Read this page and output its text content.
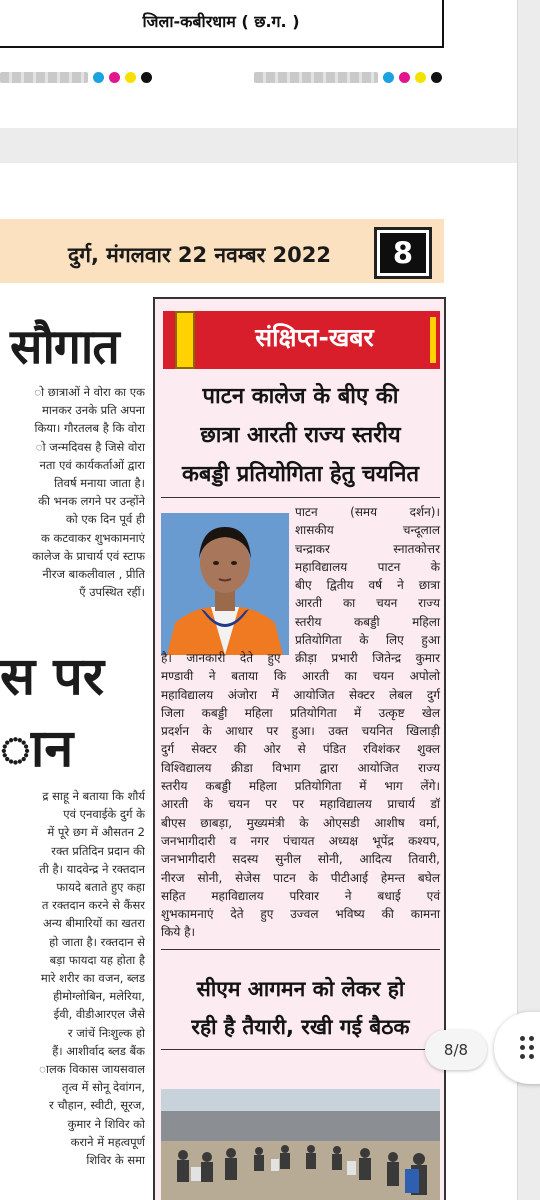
जिला-कबीरधाम ( छ.ग. )
दुर्ग, मंगलवार 22 नवम्बर 2022	8
सौगात
ो छात्राओं ने वोरा का एक
मानकर उनके प्रति अपना
किया। गौरतलब है कि वोरा
ो जन्मदिवस है जिसे वोरा
नता एवं कार्यकर्ताओं द्वारा
तिवर्ष मनाया जाता है।
की भनक लगने पर उन्होंने
को एक दिन पूर्व ही
क कटवाकर शुभकामनाएं
कालेज के प्राचार्य एवं स्टाफ
नीरज बाकलीवाल , प्रीति
एँ उपस्थित रहीं।
स पर
ान
द्र साहू ने बताया कि शौर्य
एवं एनवाईके दुर्ग के
में पूरे छग में औसतन 2
रक्त प्रतिदिन प्रदान की
ती है। यादवेन्द्र ने रक्तदान
फायदे बताते हुए कहा
त रक्तदान करने से कैंसर
अन्य बीमारियों का खतरा
हो जाता है। रक्तदान से
बड़ा फायदा यह होता है
मारे शरीर का वजन, ब्लड
हीमोग्लोबिन, मलेरिया,
ईवी, वीडीआरएल जैसे
र जांचें निःशुल्क हो
हैं। आशीर्वाद ब्लड बैंक
ालक विकास जायसवाल
तृत्व में सोनू देवांगन,
र चौहान, स्वीटी, सूरज,
कुमार ने शिविर को
कराने में महत्वपूर्ण
शिविर के समा
संक्षिप्त-खबर
पाटन कालेज के बीए की
छात्रा आरती राज्य स्तरीय
कबड्डी प्रतियोगिता हेतु चयनित
पाटन (समय दर्शन)।
शासकीय चन्दूलाल
चन्द्राकर स्नातकोत्तर
महाविद्यालय पाटन के
बीए द्वितीय वर्ष ने छात्रा
आरती का चयन राज्य
स्तरीय कबड्डी महिला
प्रतियोगिता के लिए हुआ
है। जानकारी देते हुए क्रीड़ा प्रभारी जितेन्द्र कुमार
मण्डावी ने बताया कि आरती का चयन अपोलो
महाविद्यालय अंजोरा में आयोजित सेक्टर लेबल दुर्ग
जिला कबड्डी महिला प्रतियोगिता में उत्कृष्ट खेल
प्रदर्शन के आधार पर हुआ। उक्त चयनित खिलाड़ी
दुर्ग सेक्टर की ओर से पंडित रविशंकर शुक्ल
विश्विद्यालय क्रीडा विभाग द्वारा आयोजित राज्य
स्तरीय कबड्डी महिला प्रतियोगिता में भाग लेंगे।
आरती के चयन पर पर महाविद्यालय प्राचार्य डॉ
बीएस छाबड़ा, मुख्यमंत्री के ओएसडी आशीष वर्मा,
जनभागीदारी व नगर पंचायत अध्यक्ष भूपेंद्र कश्यप,
जनभागीदारी सदस्य सुनील सोनी, आदित्य तिवारी,
नीरज सोनी, सेजेस पाटन के पीटीआई हेमन्त बघेल
सहित महाविद्यालय परिवार ने बधाई एवं
शुभकामनाएं देते हुए उज्वल भविष्य की कामना
किये है।
सीएम आगमन को लेकर हो
रही है तैयारी, रखी गई बैठक
8/8
